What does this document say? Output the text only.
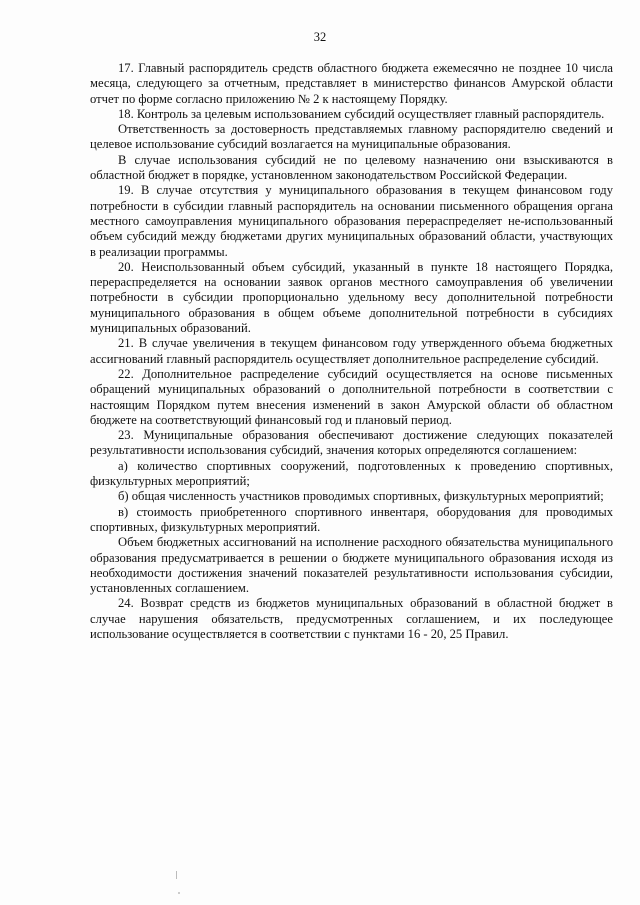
32

17. Главный распорядитель средств областного бюджета ежемесячно не позднее 10 числа месяца, следующего за отчетным, представляет в министерство финансов Амурской области отчет по форме согласно приложению № 2 к настоящему Порядку.

18. Контроль за целевым использованием субсидий осуществляет главный распорядитель.

Ответственность за достоверность представляемых главному распорядителю сведений и целевое использование субсидий возлагается на муниципальные образования.

В случае использования субсидий не по целевому назначению они взыскиваются в областной бюджет в порядке, установленном законодательством Российской Федерации.

19. В случае отсутствия у муниципального образования в текущем финансовом году потребности в субсидии главный распорядитель на основании письменного обращения органа местного самоуправления муниципального образования перераспределяет не-использованный объем субсидий между бюджетами других муниципальных образований области, участвующих в реализации программы.

20. Неиспользованный объем субсидий, указанный в пункте 18 настоящего Порядка, перераспределяется на основании заявок органов местного самоуправления об увеличении потребности в субсидии пропорционально удельному весу дополнительной потребности муниципального образования в общем объеме дополнительной потребности в субсидиях муниципальных образований.

21. В случае увеличения в текущем финансовом году утвержденного объема бюджетных ассигнований главный распорядитель осуществляет дополнительное распределение субсидий.

22. Дополнительное распределение субсидий осуществляется на основе письменных обращений муниципальных образований о дополнительной потребности в соответствии с настоящим Порядком путем внесения изменений в закон Амурской области об областном бюджете на соответствующий финансовый год и плановый период.

23. Муниципальные образования обеспечивают достижение следующих показателей результативности использования субсидий, значения которых определяются соглашением:

а) количество спортивных сооружений, подготовленных к проведению спортивных, физкультурных мероприятий;

б) общая численность участников проводимых спортивных, физкультурных мероприятий;

в) стоимость приобретенного спортивного инвентаря, оборудования для проводимых спортивных, физкультурных мероприятий.

Объем бюджетных ассигнований на исполнение расходного обязательства муниципального образования предусматривается в решении о бюджете муниципального образования исходя из необходимости достижения значений показателей результативности использования субсидии, установленных соглашением.

24. Возврат средств из бюджетов муниципальных образований в областной бюджет в случае нарушения обязательств, предусмотренных соглашением, и их последующее использование осуществляется в соответствии с пунктами 16 - 20, 25 Правил.
